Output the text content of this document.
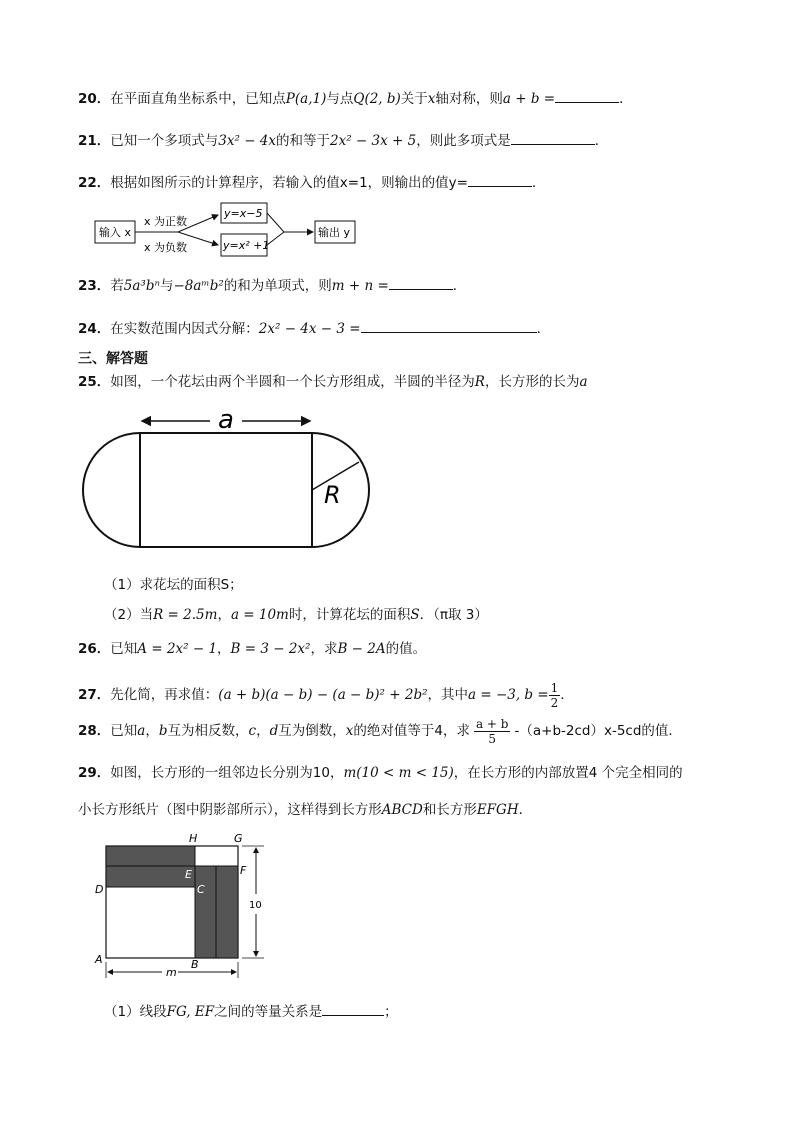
20．在平面直角坐标系中，已知点P(a,1)与点Q(2, b)关于x轴对称，则a + b =	．
21．已知一个多项式与3x² − 4x的和等于2x² − 3x + 5，则此多项式是	．
22．根据如图所示的计算程序，若输入的值x=1，则输出的值y=	．
输入 x
x 为正数
x 为负数
y=x−5
y=x² +1
输出 y
23．若5a³bⁿ与−8aᵐb²的和为单项式，则m + n =	．
24．在实数范围内因式分解：2x² − 4x − 3 =	．
三、解答题
25．如图，一个花坛由两个半圆和一个长方形组成，半圆的半径为R，长方形的长为a
a
R
（1）求花坛的面积S；
（2）当R = 2.5m，a = 10m时，计算花坛的面积S．（π取 3）
26．已知A = 2x² − 1，B = 3 − 2x²，求B − 2A的值。
27．先化简，再求值：(a + b)(a − b) − (a − b)² + 2b²，其中a = −3, $b = \frac{1}{2}$ ．
28．已知a，b互为相反数，c，d互为倒数，x的绝对值等于4，求 $\frac{a + b}{5} -(a+b-2cd)x-5cd$的值．
29．如图，长方形的一组邻边长分别为10，m(10 < m < 15)，在长方形的内部放置4 个完全相同的
小长方形纸片（图中阴影部所示），这样得到长方形ABCD和长方形EFGH．
10
m
H	G
E	F
C
D
A	B
（1）线段FG, EF之间的等量关系是	；
